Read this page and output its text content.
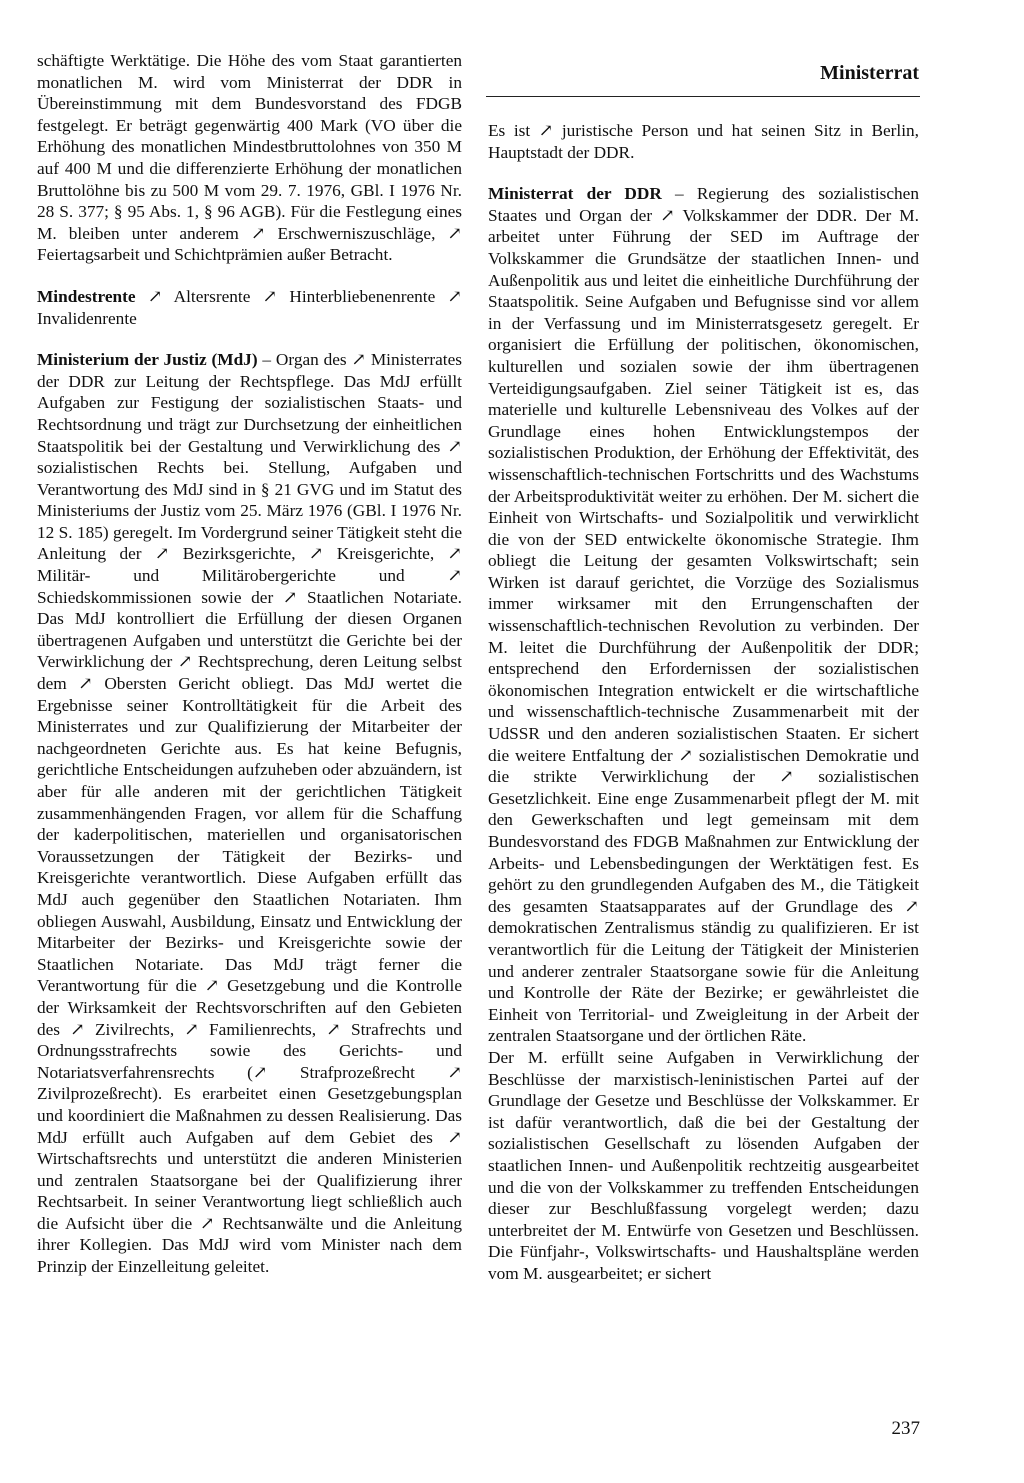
Ministerrat

schäftigte Werktätige. Die Höhe des vom Staat garantierten monatlichen M. wird vom Ministerrat der DDR in Übereinstimmung mit dem Bundesvorstand des FDGB festgelegt. Er beträgt gegenwärtig 400 Mark (VO über die Erhöhung des monatlichen Mindestbruttolohnes von 350 M auf 400 M und die differenzierte Erhöhung der monatlichen Bruttolöhne bis zu 500 M vom 29. 7. 1976, GBl. I 1976 Nr. 28 S. 377; § 95 Abs. 1, § 96 AGB). Für die Festlegung eines M. bleiben unter anderem ↗ Erschwerniszuschläge, ↗ Feiertagsarbeit und Schichtprämien außer Betracht.

Mindestrente ↗ Altersrente ↗ Hinterbliebenenrente ↗ Invalidenrente

Ministerium der Justiz (MdJ) – Organ des ↗ Ministerrates der DDR zur Leitung der Rechtspflege. Das MdJ erfüllt Aufgaben zur Festigung der sozialistischen Staats- und Rechtsordnung und trägt zur Durchsetzung der einheitlichen Staatspolitik bei der Gestaltung und Verwirklichung des ↗ sozialistischen Rechts bei. Stellung, Aufgaben und Verantwortung des MdJ sind in § 21 GVG und im Statut des Ministeriums der Justiz vom 25. März 1976 (GBl. I 1976 Nr. 12 S. 185) geregelt. Im Vordergrund seiner Tätigkeit steht die Anleitung der ↗ Bezirksgerichte, ↗ Kreisgerichte, ↗ Militär- und Militärobergerichte und ↗ Schiedskommissionen sowie der ↗ Staatlichen Notariate. Das MdJ kontrolliert die Erfüllung der diesen Organen übertragenen Aufgaben und unterstützt die Gerichte bei der Verwirklichung der ↗ Rechtsprechung, deren Leitung selbst dem ↗ Obersten Gericht obliegt. Das MdJ wertet die Ergebnisse seiner Kontrolltätigkeit für die Arbeit des Ministerrates und zur Qualifizierung der Mitarbeiter der nachgeordneten Gerichte aus. Es hat keine Befugnis, gerichtliche Entscheidungen aufzuheben oder abzuändern, ist aber für alle anderen mit der gerichtlichen Tätigkeit zusammenhängenden Fragen, vor allem für die Schaffung der kaderpolitischen, materiellen und organisatorischen Voraussetzungen der Tätigkeit der Bezirks- und Kreisgerichte verantwortlich. Diese Aufgaben erfüllt das MdJ auch gegenüber den Staatlichen Notariaten. Ihm obliegen Auswahl, Ausbildung, Einsatz und Entwicklung der Mitarbeiter der Bezirks- und Kreisgerichte sowie der Staatlichen Notariate. Das MdJ trägt ferner die Verantwortung für die ↗ Gesetzgebung und die Kontrolle der Wirksamkeit der Rechtsvorschriften auf den Gebieten des ↗ Zivilrechts, ↗ Familienrechts, ↗ Strafrechts und Ordnungsstrafrechts sowie des Gerichts- und Notariatsverfahrensrechts (↗ Strafprozeßrecht ↗ Zivilprozeßrecht). Es erarbeitet einen Gesetzgebungsplan und koordiniert die Maßnahmen zu dessen Realisierung. Das MdJ erfüllt auch Aufgaben auf dem Gebiet des ↗ Wirtschaftsrechts und unterstützt die anderen Ministerien und zentralen Staatsorgane bei der Qualifizierung ihrer Rechtsarbeit. In seiner Verantwortung liegt schließlich auch die Aufsicht über die ↗ Rechtsanwälte und die Anleitung ihrer Kollegien. Das MdJ wird vom Minister nach dem Prinzip der Einzelleitung geleitet.

Es ist ↗ juristische Person und hat seinen Sitz in Berlin, Hauptstadt der DDR.

Ministerrat der DDR – Regierung des sozialistischen Staates und Organ der ↗ Volkskammer der DDR. Der M. arbeitet unter Führung der SED im Auftrage der Volkskammer die Grundsätze der staatlichen Innen- und Außenpolitik aus und leitet die einheitliche Durchführung der Staatspolitik. Seine Aufgaben und Befugnisse sind vor allem in der Verfassung und im Ministerratsgesetz geregelt. Er organisiert die Erfüllung der politischen, ökonomischen, kulturellen und sozialen sowie der ihm übertragenen Verteidigungsaufgaben. Ziel seiner Tätigkeit ist es, das materielle und kulturelle Lebensniveau des Volkes auf der Grundlage eines hohen Entwicklungstempos der sozialistischen Produktion, der Erhöhung der Effektivität, des wissenschaftlich-technischen Fortschritts und des Wachstums der Arbeitsproduktivität weiter zu erhöhen. Der M. sichert die Einheit von Wirtschafts- und Sozialpolitik und verwirklicht die von der SED entwickelte ökonomische Strategie. Ihm obliegt die Leitung der gesamten Volkswirtschaft; sein Wirken ist darauf gerichtet, die Vorzüge des Sozialismus immer wirksamer mit den Errungenschaften der wissenschaftlich-technischen Revolution zu verbinden. Der M. leitet die Durchführung der Außenpolitik der DDR; entsprechend den Erfordernissen der sozialistischen ökonomischen Integration entwickelt er die wirtschaftliche und wissenschaftlich-technische Zusammenarbeit mit der UdSSR und den anderen sozialistischen Staaten. Er sichert die weitere Entfaltung der ↗ sozialistischen Demokratie und die strikte Verwirklichung der ↗ sozialistischen Gesetzlichkeit. Eine enge Zusammenarbeit pflegt der M. mit den Gewerkschaften und legt gemeinsam mit dem Bundesvorstand des FDGB Maßnahmen zur Entwicklung der Arbeits- und Lebensbedingungen der Werktätigen fest. Es gehört zu den grundlegenden Aufgaben des M., die Tätigkeit des gesamten Staatsapparates auf der Grundlage des ↗ demokratischen Zentralismus ständig zu qualifizieren. Er ist verantwortlich für die Leitung der Tätigkeit der Ministerien und anderer zentraler Staatsorgane sowie für die Anleitung und Kontrolle der Räte der Bezirke; er gewährleistet die Einheit von Territorial- und Zweigleitung in der Arbeit der zentralen Staatsorgane und der örtlichen Räte.

Der M. erfüllt seine Aufgaben in Verwirklichung der Beschlüsse der marxistisch-leninistischen Partei auf der Grundlage der Gesetze und Beschlüsse der Volkskammer. Er ist dafür verantwortlich, daß die bei der Gestaltung der sozialistischen Gesellschaft zu lösenden Aufgaben der staatlichen Innen- und Außenpolitik rechtzeitig ausgearbeitet und die von der Volkskammer zu treffenden Entscheidungen dieser zur Beschlußfassung vorgelegt werden; dazu unterbreitet der M. Entwürfe von Gesetzen und Beschlüssen. Die Fünfjahr-, Volkswirtschafts- und Haushaltspläne werden vom M. ausgearbeitet; er sichert

237
